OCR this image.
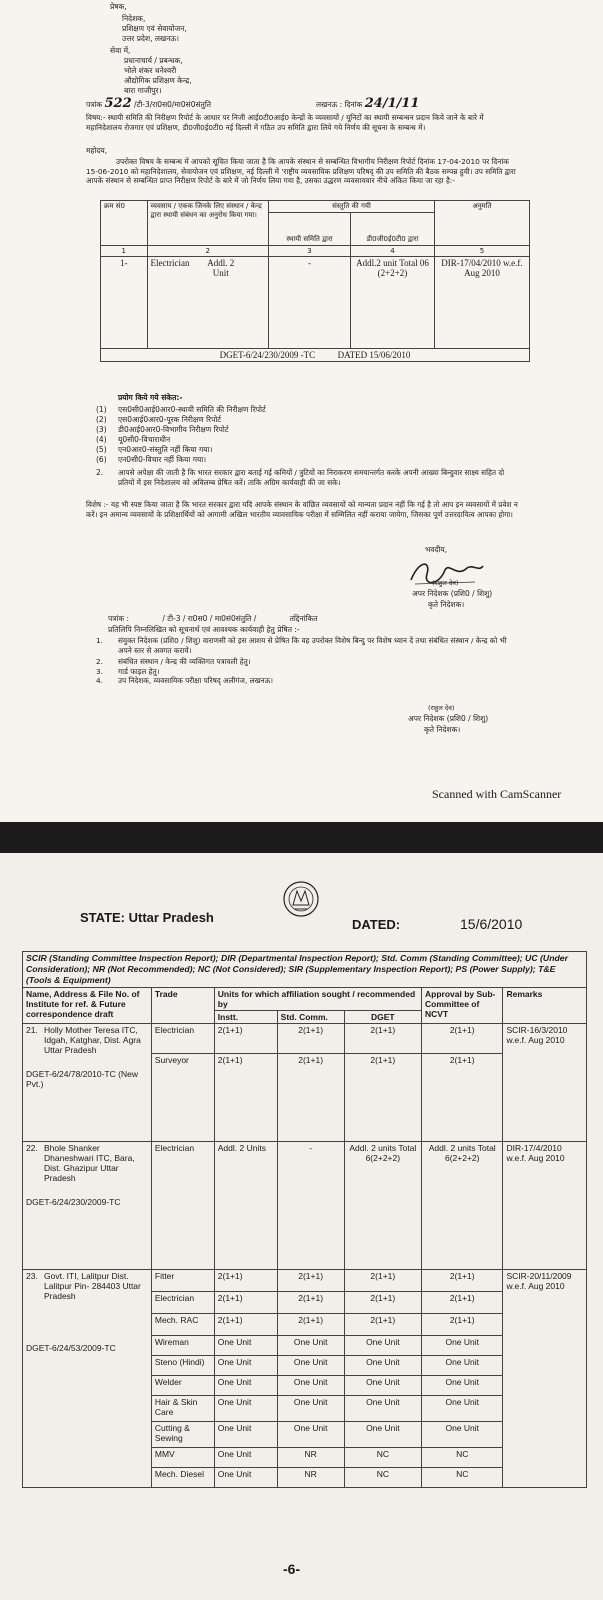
प्रेषक,
निदेशक,
प्रशिक्षण एवं सेवायोजन,
उत्तर प्रदेश, लखनऊ।
सेवा में,
प्रधानाचार्य / प्रबन्धक,
भोले शंकर धनेश्वरी
औद्योगिक प्रशिक्षण केन्द्र,
बारा गाजीपुर।
पत्रांक 522 /टी-3/रा0स0/मा0सं0संतुति	लखनऊ : दिनांक 24/1/11
विषय:- स्थायी समिति की निरीक्षण रिपोर्ट के आधार पर निजी आई0टी0आई0 केन्द्रों के व्यवसायों / यूनिटों का स्थायी सम्बन्धन प्रदान किये जाने के बारे में महानिदेशालय रोजगार एवं प्रशिक्षण, डी0जी0ई0टी0 नई दिल्ली में गठित उप समिति द्वारा लिये गये निर्णय की सूचना के सम्बन्ध में।
महोदय,
उपरोक्त विषय के सम्बन्ध में आपको सूचित किया जाता है कि आपके संस्थान से सम्बन्धित विभागीय निरीक्षण रिपोर्ट दिनांक 17-04-2010 पर दिनांक 15-06-2010 को महानिदेशालय, सेवायोजन एवं प्रशिक्षण, नई दिल्ली में 'राष्ट्रीय व्यवसायिक प्रशिक्षण परिषद् की उप समिति की बैठक सम्पन्न हुयी। उप समिति द्वारा आपके संस्थान से सम्बन्धित प्राप्त निरीक्षण रिपोर्ट के बारे में जो निर्णय लिया गया है, उसका उद्धरण व्यवसायवार नीचे अंकित किया जा रहा है:-
क्रम सं0	व्यवसाय / एकक जिनके लिए संस्थान / केन्द्र द्वारा स्थायी संबंधन का अनुरोध किया गया।	संस्तुति की गयी		अनुमति
		स्थायी समिति द्वारा	डी0जी0ई0टी0 द्वारा	
1	2	3	4	5
1-	Electrician Addl. 2 Unit	-	Addl.2 unit Total 06 (2+2+2)	DIR-17/04/2010 w.e.f. Aug 2010
DGET-6/24/230/2009 -TC          DATED 15/06/2010				
प्रयोग किये गये संकेत:-
(1) एस0सी0आई0आर0-स्थायी समिति की निरीक्षण रिपोर्ट
(2) एस0आई0आर0-पूरक निरीक्षण रिपोर्ट
(3) डी0आई0आर0-विभागीय निरीक्षण रिपोर्ट
(4) यू0सी0-विचाराधीन
(5) एन0आर0-संस्तुति नहीं किया गया।
(6) एन0सी0-विचार नहीं किया गया।
2. आपसे अपेक्षा की जाती है कि भारत सरकार द्वारा बताई गई कमियों / त्रुटियों का निराकरण समयान्तर्गत करके अपनी आख्या बिन्दुवार साक्ष्य सहित दो प्रतियों में इस निदेशालय को अविलम्ब प्रेषित करें। ताकि अग्रिम कार्यवाही की जा सके।
विशेष :- यह भी स्पष्ट किया जाता है कि भारत सरकार द्वारा यदि आपके संस्थान के वांछित व्यवसायों को मान्यता प्रदान नहीं कि गई है तो आप इन व्यवसायों में प्रवेश न करें। इन अमान्य व्यवसायों के प्रशिक्षार्थियों को आगामी अखिल भारतीय व्यावसायिक परीक्षा में सम्मिलित नहीं कराया जायेगा, जिसका पूर्ण उत्तरदायित्व आपका होगा।
भवदीय,
(राहुल देव)
अपर निदेशक (प्रशि0 / शिशु)
कृते निदेशक।
पत्रांक :              / टी-3 / रा0स0 / मा0सं0संतुति /              तद्दिनांकित
प्रतिलिपि निम्नलिखित को सूचनार्थ एवं आवश्यक कार्यवाही हेतु प्रेषित :-
1.	संयुक्त निदेशक (प्रशि0 / शिशु) वाराणसी को इस आशय से प्रेषित कि वह उपरोक्त विशेष बिन्दु पर विशेष ध्यान दें तथा संबंधित संस्थान / केन्द्र को भी अपने स्तर से अवगत करायें।
2.	संबंधित संस्थान / केन्द्र की व्यक्तिगत पत्रावली हेतु।
3.	गार्ड फाइल हेतु।
4.	उप निदेशक, व्यवसायिक परीक्षा परिषद् अलीगंज, लखनऊ।
(राहुल देव)
अपर निदेशक (प्रशि0 / शिशु)
कृते निदेशक।
Scanned with CamScanner
STATE: Uttar Pradesh	DATED:	15/6/2010
SCIR (Standing Committee Inspection Report); DIR (Departmental Inspection Report); Std. Comm (Standing Committee); UC (Under Consideration); NR (Not Recommended); NC (Not Considered); SIR (Supplementary Inspection Report); PS (Power Supply); T&E (Tools & Equipment)						
Name, Address & File No. of Institute for ref. & Future correspondence draft	Trade	Units for which affiliation sought / recommended by			Approval by Sub-Committee of NCVT	Remarks
		Instt.	Std. Comm.	DGET		

21. Holly Mother Teresa ITC, Idgah, Katghar, Dist. Agra Uttar Pradesh
DGET-6/24/78/2010-TC (New Pvt.)	Electrician	2(1+1)	2(1+1)	2(1+1)	2(1+1)	SCIR-16/3/2010 w.e.f. Aug 2010
	Surveyor	2(1+1)	2(1+1)	2(1+1)	2(1+1)	

22. Bhole Shanker Dhaneshwari ITC, Bara, Dist. Ghazipur Uttar Pradesh
DGET-6/24/230/2009-TC	Electrician	Addl. 2 Units	-	Addl. 2 units Total 6(2+2+2)	Addl. 2 units Total 6(2+2+2)	DIR-17/4/2010 w.e.f. Aug 2010

23. Govt. ITI, Lalitpur Dist. Lalitpur Pin- 284403 Uttar Pradesh
DGET-6/24/53/2009-TC	Fitter	2(1+1)	2(1+1)	2(1+1)	2(1+1)	SCIR-20/11/2009 w.e.f. Aug 2010
	Electrician	2(1+1)	2(1+1)	2(1+1)	2(1+1)	
	Mech. RAC	2(1+1)	2(1+1)	2(1+1)	2(1+1)	
	Wireman	One Unit	One Unit	One Unit	One Unit	
	Steno (Hindi)	One Unit	One Unit	One Unit	One Unit	
	Welder	One Unit	One Unit	One Unit	One Unit	
	Hair & Skin Care	One Unit	One Unit	One Unit	One Unit	
	Cutting & Sewing	One Unit	One Unit	One Unit	One Unit	
	MMV	One Unit	NR	NC	NC	
	Mech. Diesel	One Unit	NR	NC	NC	
-6-
